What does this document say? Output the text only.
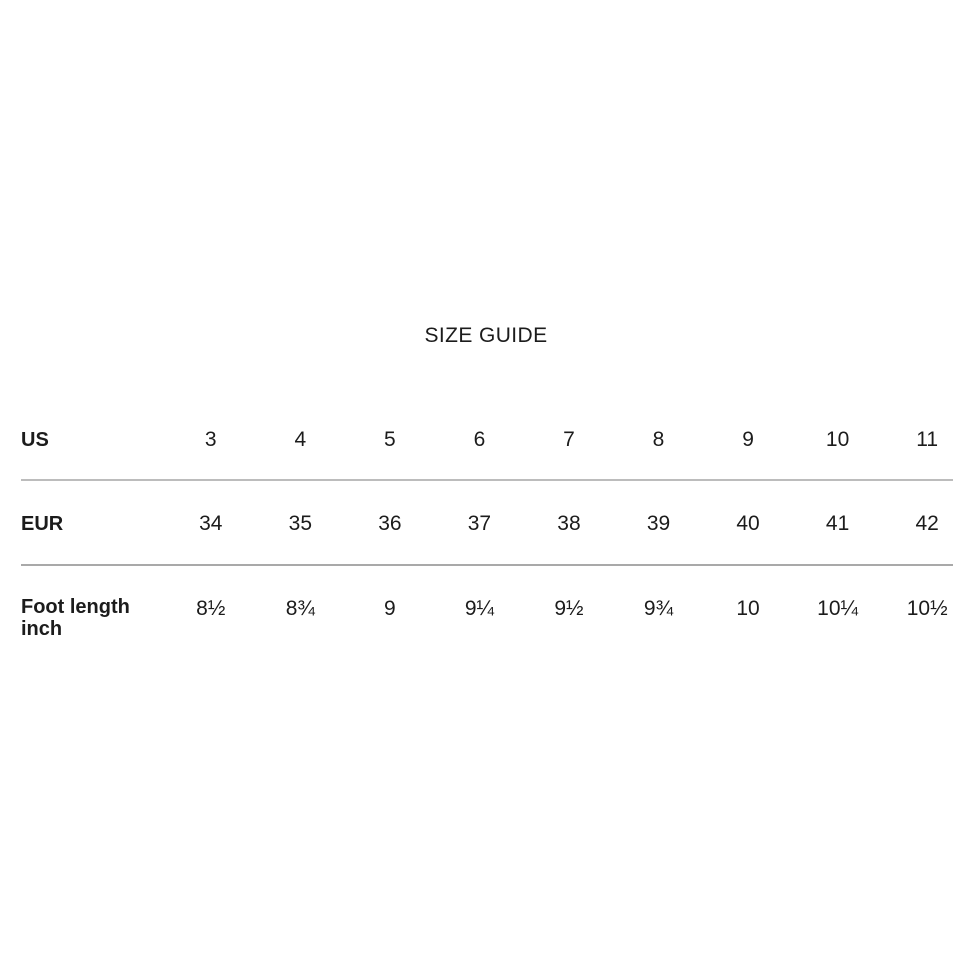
SIZE GUIDE
US	3	4	5	6	7	8	9	10	11
EUR	34	35	36	37	38	39	40	41	42

Foot length
inch	8½	8¾	9	9¼	9½	9¾	10	10¼	10½
